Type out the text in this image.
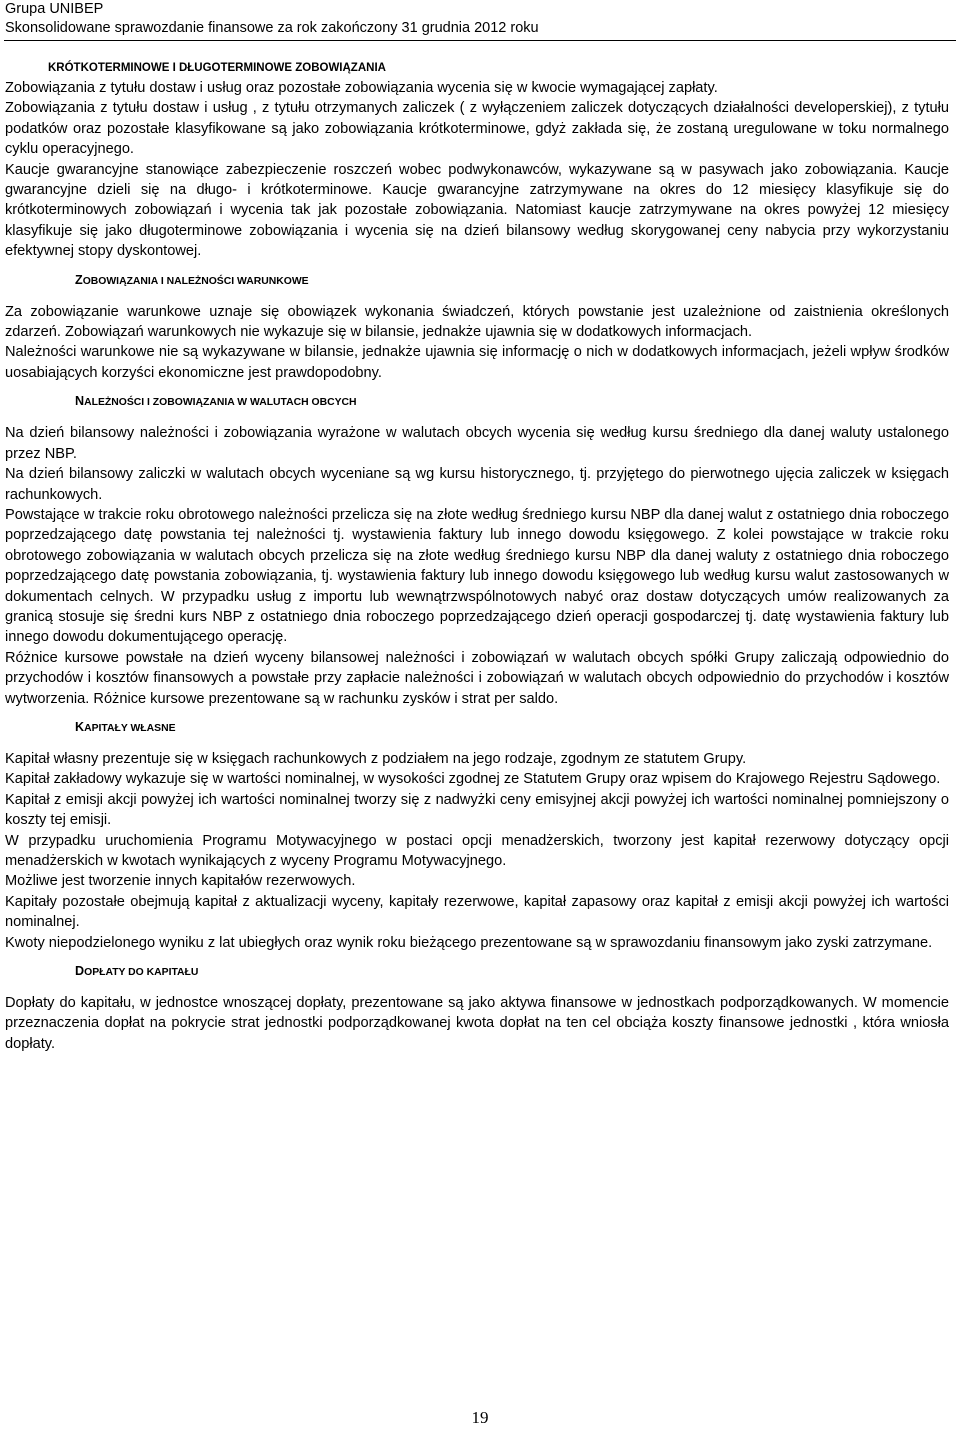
Grupa UNIBEP
Skonsolidowane sprawozdanie finansowe za rok zakończony 31 grudnia 2012 roku
KRÓTKOTERMINOWE I DŁUGOTERMINOWE ZOBOWIĄZANIA

Zobowiązania z tytułu dostaw i usług oraz pozostałe zobowiązania wycenia się w kwocie wymagającej zapłaty.

Zobowiązania z tytułu dostaw i usług , z tytułu otrzymanych zaliczek ( z wyłączeniem zaliczek dotyczących działalności developerskiej), z tytułu podatków oraz pozostałe klasyfikowane są jako zobowiązania krótkoterminowe, gdyż zakłada się, że zostaną uregulowane w toku normalnego cyklu operacyjnego.

Kaucje gwarancyjne stanowiące zabezpieczenie roszczeń wobec podwykonawców, wykazywane są w pasywach jako zobowiązania. Kaucje gwarancyjne dzieli się na długo- i krótkoterminowe. Kaucje gwarancyjne zatrzymywane na okres do 12 miesięcy klasyfikuje się do krótkoterminowych zobowiązań i wycenia tak jak pozostałe zobowiązania. Natomiast kaucje zatrzymywane na okres powyżej 12 miesięcy klasyfikuje się jako długoterminowe zobowiązania i wycenia się na dzień bilansowy według skorygowanej ceny nabycia przy wykorzystaniu efektywnej stopy dyskontowej.

ZOBOWIĄZANIA I NALEŻNOŚCI WARUNKOWE

Za zobowiązanie warunkowe uznaje się obowiązek wykonania świadczeń, których powstanie jest uzależnione od zaistnienia określonych zdarzeń. Zobowiązań warunkowych nie wykazuje się w bilansie, jednakże ujawnia się w dodatkowych informacjach.

Należności warunkowe nie są wykazywane w bilansie, jednakże ujawnia się informację o nich w dodatkowych informacjach, jeżeli wpływ środków uosabiających korzyści ekonomiczne jest prawdopodobny.

NALEŻNOŚCI I ZOBOWIĄZANIA W WALUTACH OBCYCH

Na dzień bilansowy należności i zobowiązania wyrażone w walutach obcych wycenia się według kursu średniego dla danej waluty ustalonego przez NBP.

Na dzień bilansowy zaliczki w walutach obcych wyceniane są wg kursu historycznego, tj. przyjętego do pierwotnego ujęcia zaliczek w księgach rachunkowych.

Powstające w trakcie roku obrotowego należności przelicza się na złote według średniego kursu NBP dla danej walut z ostatniego dnia roboczego poprzedzającego datę powstania tej należności tj. wystawienia faktury lub innego dowodu księgowego. Z kolei powstające w trakcie roku obrotowego zobowiązania w walutach obcych przelicza się na złote według średniego kursu NBP dla danej waluty z ostatniego dnia roboczego poprzedzającego datę powstania zobowiązania, tj. wystawienia faktury lub innego dowodu księgowego lub według kursu walut zastosowanych w dokumentach celnych. W przypadku usług z importu lub wewnątrzwspólnotowych nabyć oraz dostaw dotyczących umów realizowanych za granicą stosuje się średni kurs NBP z ostatniego dnia roboczego poprzedzającego dzień operacji gospodarczej tj. datę wystawienia faktury lub innego dowodu dokumentującego operację.

Różnice kursowe powstałe na dzień wyceny bilansowej należności i zobowiązań w walutach obcych spółki Grupy zaliczają odpowiednio do przychodów i kosztów finansowych a powstałe przy zapłacie należności i zobowiązań w walutach obcych odpowiednio do przychodów i kosztów wytworzenia. Różnice kursowe prezentowane są w rachunku zysków i strat per saldo.

KAPITAŁY WŁASNE

Kapitał własny prezentuje się w księgach rachunkowych z podziałem na jego rodzaje, zgodnym ze statutem Grupy.

Kapitał zakładowy wykazuje się w wartości nominalnej, w wysokości zgodnej ze Statutem Grupy oraz wpisem do Krajowego Rejestru Sądowego.

Kapitał z emisji akcji powyżej ich wartości nominalnej tworzy się z nadwyżki ceny emisyjnej akcji powyżej ich wartości nominalnej pomniejszony o koszty tej emisji.

W przypadku uruchomienia Programu Motywacyjnego w postaci opcji menadżerskich, tworzony jest kapitał rezerwowy dotyczący opcji menadżerskich w kwotach wynikających z wyceny Programu Motywacyjnego.

Możliwe jest tworzenie innych kapitałów rezerwowych.

Kapitały pozostałe obejmują kapitał z aktualizacji wyceny, kapitały rezerwowe, kapitał zapasowy oraz kapitał z emisji akcji powyżej ich wartości nominalnej.

Kwoty niepodzielonego wyniku z lat ubiegłych oraz wynik roku bieżącego prezentowane są w sprawozdaniu finansowym jako zyski zatrzymane.

DOPŁATY DO KAPITAŁU

Dopłaty do kapitału, w jednostce wnoszącej dopłaty, prezentowane są jako aktywa finansowe w jednostkach podporządkowanych. W momencie przeznaczenia dopłat na pokrycie strat jednostki podporządkowanej kwota dopłat na ten cel obciąża koszty finansowe jednostki , która wniosła dopłaty.

19
